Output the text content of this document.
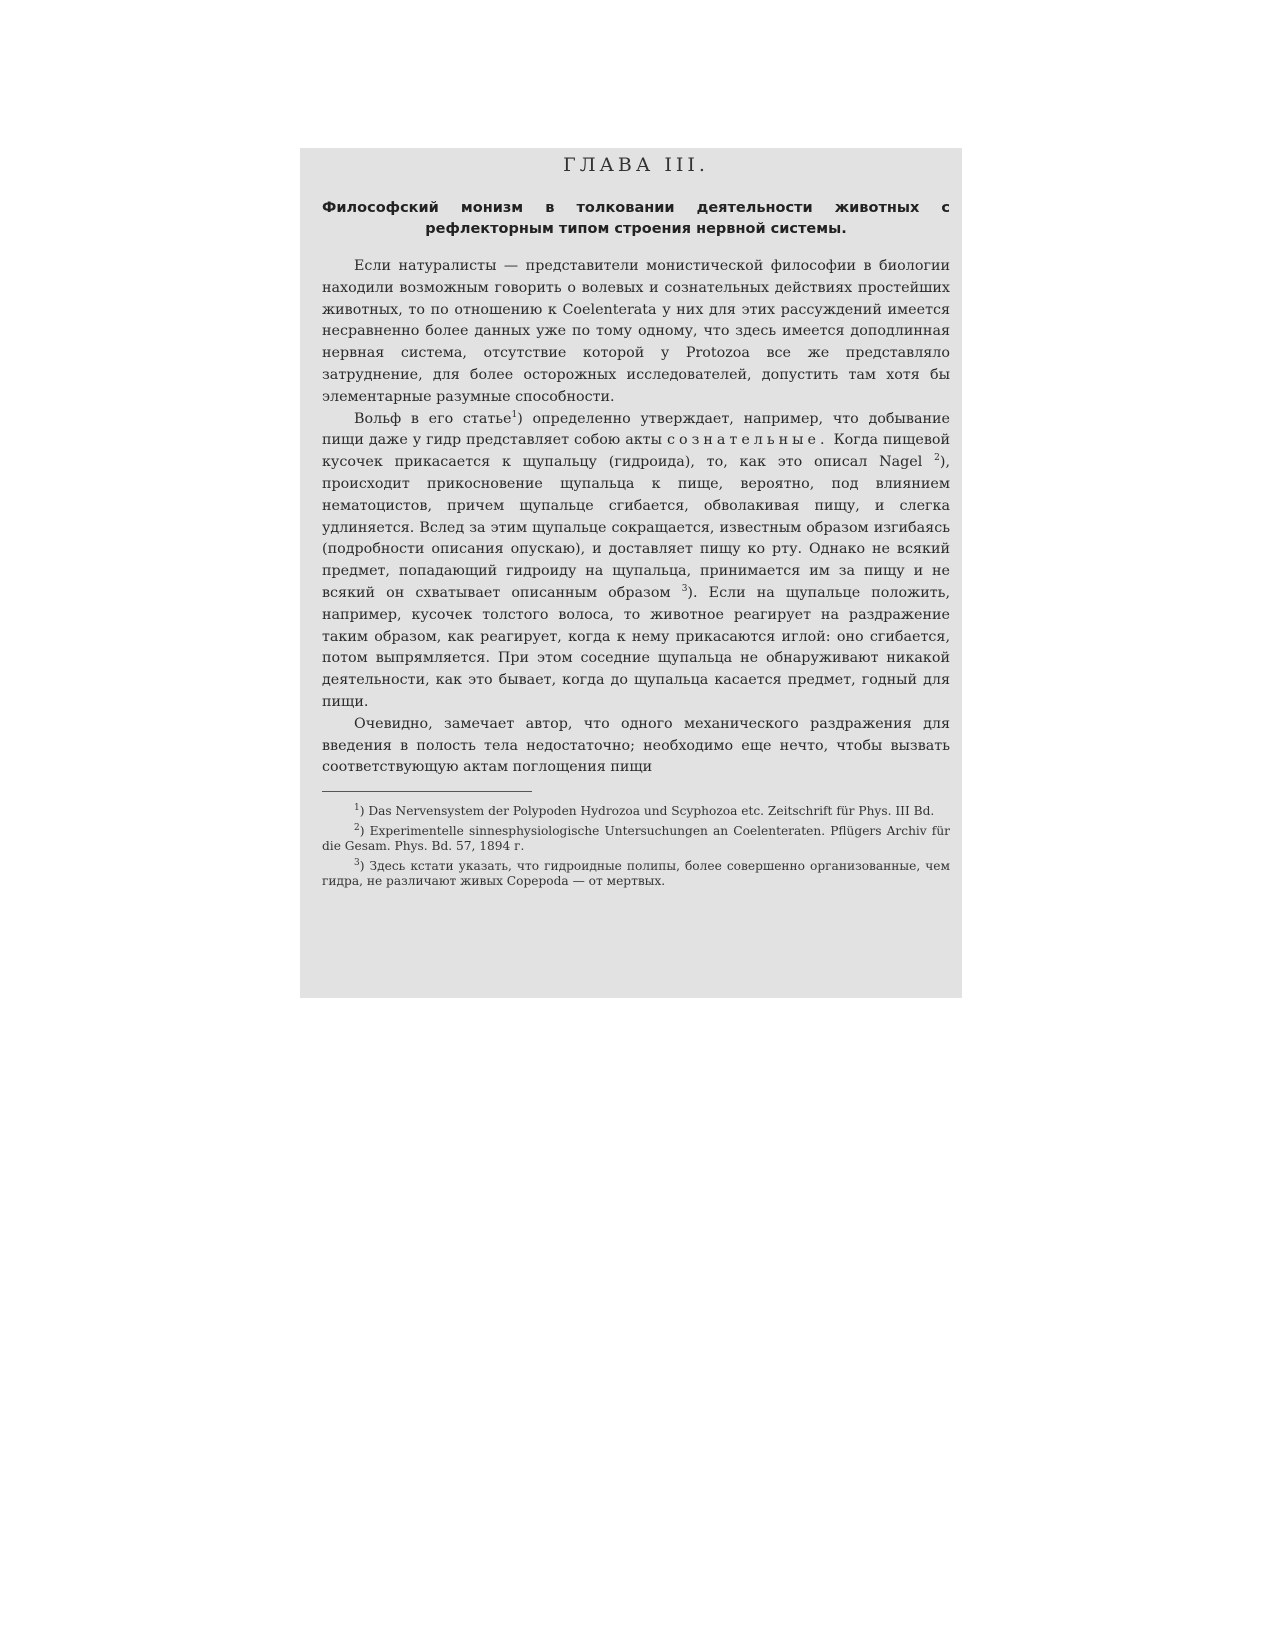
ГЛАВА III.
Философский монизм в толковании деятельности животных с рефлекторным типом строения нервной системы.

Если натуралисты — представители монистической философии в биологии находили возможным говорить о волевых и сознательных действиях простейших животных, то по отношению к Coelenterata у них для этих рассуждений имеется несравненно более данных уже по тому одному, что здесь имеется доподлинная нервная система, отсутствие которой у Protozoa все же представляло затруднение, для более осторожных исследователей, допустить там хотя бы элементарные разумные способности.

Вольф в его статье$^1$) определенно утверждает, например, что добывание пищи даже у гидр представляет собою акты сознательные. Когда пищевой кусочек прикасается к щупальцу (гидроида), то, как это описал Nagel $^2$), происходит прикосновение щупальца к пище, вероятно, под влиянием нематоцистов, причем щупальце сгибается, обволакивая пищу, и слегка удлиняется. Вслед за этим щупальце сокращается, известным образом изгибаясь (подробности описания опускаю), и доставляет пищу ко рту. Однако не всякий предмет, попадающий гидроиду на щупальца, принимается им за пищу и не всякий он схватывает описанным образом $^3$). Если на щупальце положить, например, кусочек толстого волоса, то животное реагирует на раздражение таким образом, как реагирует, когда к нему прикасаются иглой: оно сгибается, потом выпрямляется. При этом соседние щупальца не обнаруживают никакой деятельности, как это бывает, когда до щупальца касается предмет, годный для пищи.

Очевидно, замечает автор, что одного механического раздражения для введения в полость тела недостаточно; необходимо еще нечто, чтобы вызвать соответствующую актам поглощения пищи

$^1$) Das Nervensystem der Polypoden Hydrozoa und Scyphozoa etc. Zeitschrift für Phys. III Bd.

$^2$) Experimentelle sinnesphysiologische Untersuchungen an Coelenteraten. Pflügers Archiv für die Gesam. Phys. Bd. 57, 1894 г.

$^3$) Здесь кстати указать, что гидроидные полипы, более совершенно организованные, чем гидра, не различают живых Copepoda — от мертвых.
